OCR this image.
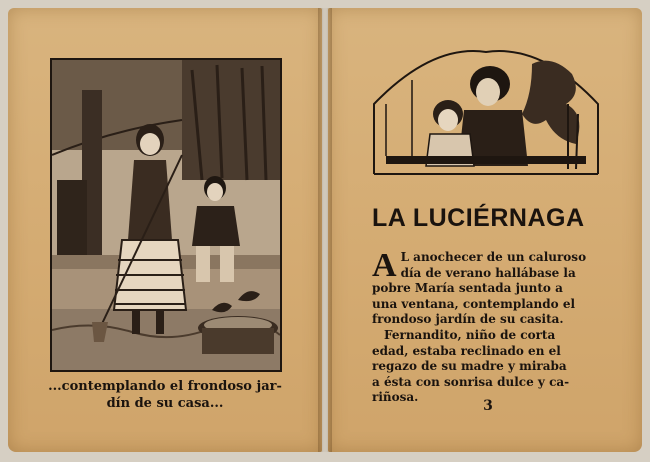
...contemplando el frondoso jar-
dín de su casa...
LA LUCIÉRNAGA
A L anochecer de un caluroso
día de verano hallábase la
pobre María sentada junto a
una ventana, contemplando el
frondoso jardín de su casita.
Fernandito, niño de corta
edad, estaba reclinado en el
regazo de su madre y miraba
a ésta con sonrisa dulce y ca-
riñosa.
3
